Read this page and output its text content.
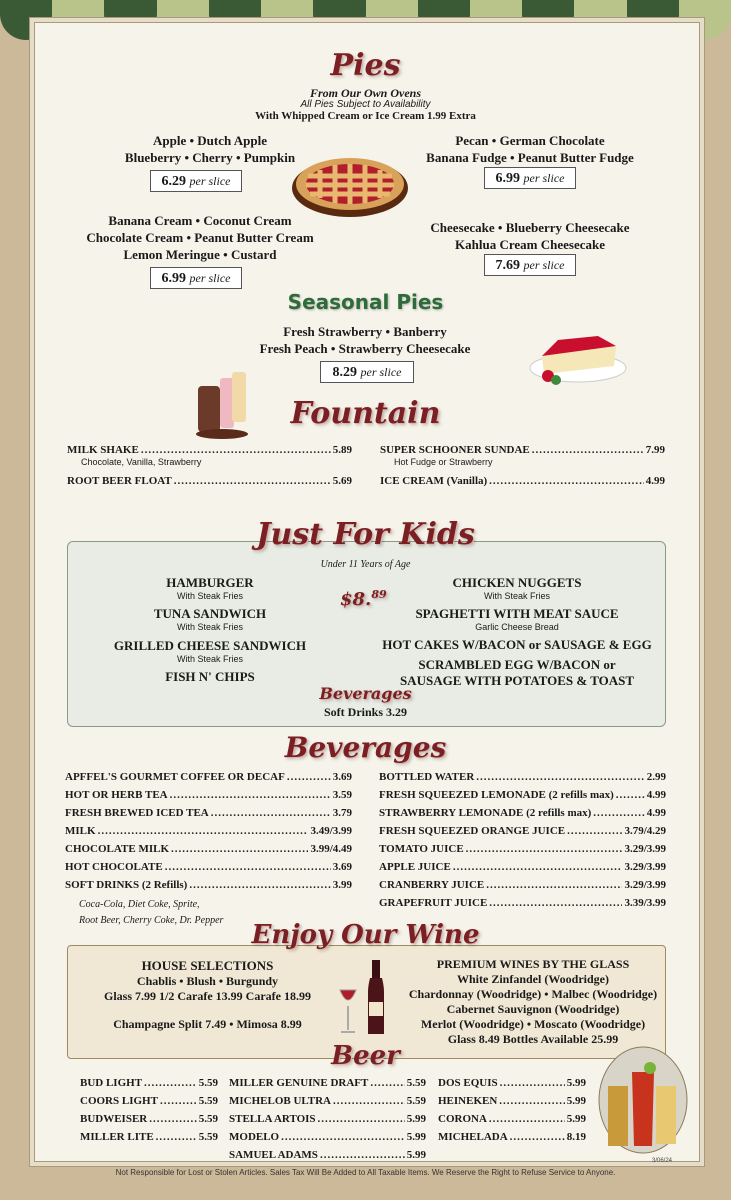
Pies
From Our Own Ovens
All Pies Subject to Availability
With Whipped Cream or Ice Cream 1.99 Extra
Apple • Dutch Apple
Blueberry • Cherry • Pumpkin
6.29 per slice
Pecan • German Chocolate
Banana Fudge • Peanut Butter Fudge
6.99 per slice
Banana Cream • Coconut Cream
Chocolate Cream • Peanut Butter Cream
Lemon Meringue • Custard
6.99 per slice
Cheesecake • Blueberry Cheesecake
Kahlua Cream Cheesecake
7.69 per slice
Seasonal Pies
Fresh Strawberry • Banberry
Fresh Peach • Strawberry Cheesecake
8.29 per slice
Fountain
MILK SHAKE .....	5.89
Chocolate, Vanilla, Strawberry
ROOT BEER FLOAT .....	5.69
SUPER SCHOONER SUNDAE .....	7.99
Hot Fudge or Strawberry
ICE CREAM (Vanilla) .....	4.99
Just For Kids
Under 11 Years of Age
$8.89
HAMBURGER
With Steak Fries
TUNA SANDWICH
With Steak Fries
GRILLED CHEESE SANDWICH
With Steak Fries
FISH N' CHIPS
CHICKEN NUGGETS
With Steak Fries
SPAGHETTI WITH MEAT SAUCE
Garlic Cheese Bread
HOT CAKES W/BACON or SAUSAGE & EGG
SCRAMBLED EGG W/BACON or
SAUSAGE WITH POTATOES & TOAST
Beverages
Soft Drinks 3.29
Beverages
APFFEL'S GOURMET COFFEE OR DECAF .....	3.69
HOT OR HERB TEA .....	3.59
FRESH BREWED ICED TEA .....	3.79
MILK .....	3.49/3.99
CHOCOLATE MILK .....	3.99/4.49
HOT CHOCOLATE .....	3.69
SOFT DRINKS (2 Refills) .....	3.99
Coca-Cola, Diet Coke, Sprite,
Root Beer, Cherry Coke, Dr. Pepper
BOTTLED WATER .....	2.99
FRESH SQUEEZED LEMONADE (2 refills max) .....	4.99
STRAWBERRY LEMONADE (2 refills max) .....	4.99
FRESH SQUEEZED ORANGE JUICE .....	3.79/4.29
TOMATO JUICE .....	3.29/3.99
APPLE JUICE .....	3.29/3.99
CRANBERRY JUICE .....	3.29/3.99
GRAPEFRUIT JUICE .....	3.39/3.99
Enjoy Our Wine
HOUSE SELECTIONS
Chablis • Blush • Burgundy
Glass 7.99 1/2 Carafe 13.99 Carafe 18.99
Champagne Split 7.49 • Mimosa 8.99
PREMIUM WINES BY THE GLASS
White Zinfandel (Woodridge)
Chardonnay (Woodridge) • Malbec (Woodridge)
Cabernet Sauvignon (Woodridge)
Merlot (Woodridge) • Moscato (Woodridge)
Glass 8.49 Bottles Available 25.99
Beer
BUD LIGHT .....	5.59
COORS LIGHT .....	5.59
BUDWEISER .....	5.59
MILLER LITE .....	5.59
MILLER GENUINE DRAFT .....	5.59
MICHELOB ULTRA .....	5.59
STELLA ARTOIS .....	5.99
MODELO .....	5.99
SAMUEL ADAMS .....	5.99
DOS EQUIS .....	5.99
HEINEKEN .....	5.99
CORONA .....	5.99
MICHELADA .....	8.19
Not Responsible for Lost or Stolen Articles. Sales Tax Will Be Added to All Taxable Items. We Reserve the Right to Refuse Service to Anyone.
3/06/24
